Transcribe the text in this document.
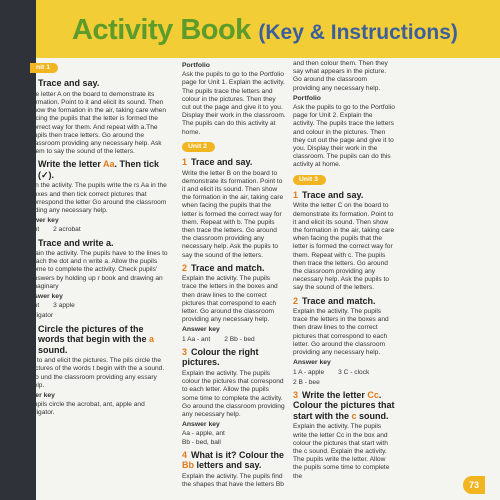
Activity Book (Key & Instructions)
nit 1
Trace and say.
the letter A on the board to demonstrate its formation. Point to it and elicit its sound. Then show the formation in the air, taking care when facing the pupils that the letter is formed the correct way for them. And repeat with a.The pupils then trace letters. Go around the classroom providing any necessary help. Ask them to say the sound of the letters.
Write the letter Aa. Then tick (✓).
ain the activity. The pupils write the rs Aa in the boxes and then tick correct pictures that correspond the letter Go around the classroom viding any necessary help.
swer key
ant 2 acrobat
Trace and write a.
plain the activity. The pupils have to the lines to reach the dot and n write a. Allow the pupils some to complete the activity. Check pupils' answers by holding up r book and drawing an imaginary
nswer key
ant 3 apple
alligator
Circle the pictures of the words that begin with the a sound.
in to and elicit the pictures. The pils circle the pictures of the words t begin with the a sound. Go und the classroom providing any essary help.
wer key
pupils circle the acrobat, ant, apple and alligator.
Portfolio
Ask the pupils to go to the Portfolio page for Unit 1. Explain the activity. The pupils trace the letters and colour in the pictures. Then they cut out the page and give it to you. Display their work in the classroom. The pupils can do this activity at home.
Unit 2
1 Trace and say.
Write the letter B on the board to demonstrate its formation. Point to it and elicit its sound. Then show the formation in the air, taking care when facing the pupils that the letter is formed the correct way for them. Repeat with b. The pupils then trace the letters. Go around the classroom providing any necessary help. Ask the pupils to say the sound of the letters.
2 Trace and match.
Explain the activity. The pupils trace the letters in the boxes and then draw lines to the correct pictures that correspond to each letter. Go around the classroom providing any necessary help.
Answer key
1 Aa - ant 2 Bb - bed
3 Colour the right pictures.
Explain the activity. The pupils colour the pictures that correspond to each letter. Allow the pupils some time to complete the activity. Go around the classroom providing any necessary help.
Answer key
Aa - apple, ant
Bb - bed, ball
4 What is it? Colour the Bb letters and say.
Explain the activity. The pupils find the shapes that have the letters Bb
and then colour them. Then they say what appears in the picture. Go around the classroom providing any necessary help.
Portfolio
Ask the pupils to go to the Portfolio page for Unit 2. Explain the activity. The pupils trace the letters and colour in the pictures. Then they cut out the page and give it to you. Display their work in the classroom. The pupils can do this activity at home.
Unit 3
1 Trace and say.
Write the letter C on the board to demonstrate its formation. Point to it and elicit its sound. Then show the formation in the air, taking care when facing the pupils that the letter is formed the correct way for them. Repeat with c. The pupils then trace the letters. Go around the classroom providing any necessary help. Ask the pupils to say the sound of the letters.
2 Trace and match.
Explain the activity. The pupils trace the letters in the boxes and then draw lines to the correct pictures that correspond to each letter. Go around the classroom providing any necessary help.
Answer key
1 A - apple 3 C - clock
2 B - bee
3 Write the letter Cc. Colour the pictures that start with the c sound.
Explain the activity. The pupils write the letter Cc in the box and colour the pictures that start with the c sound. Explain the activity. The pupils write the letter. Allow the pupils some time to complete the
73
